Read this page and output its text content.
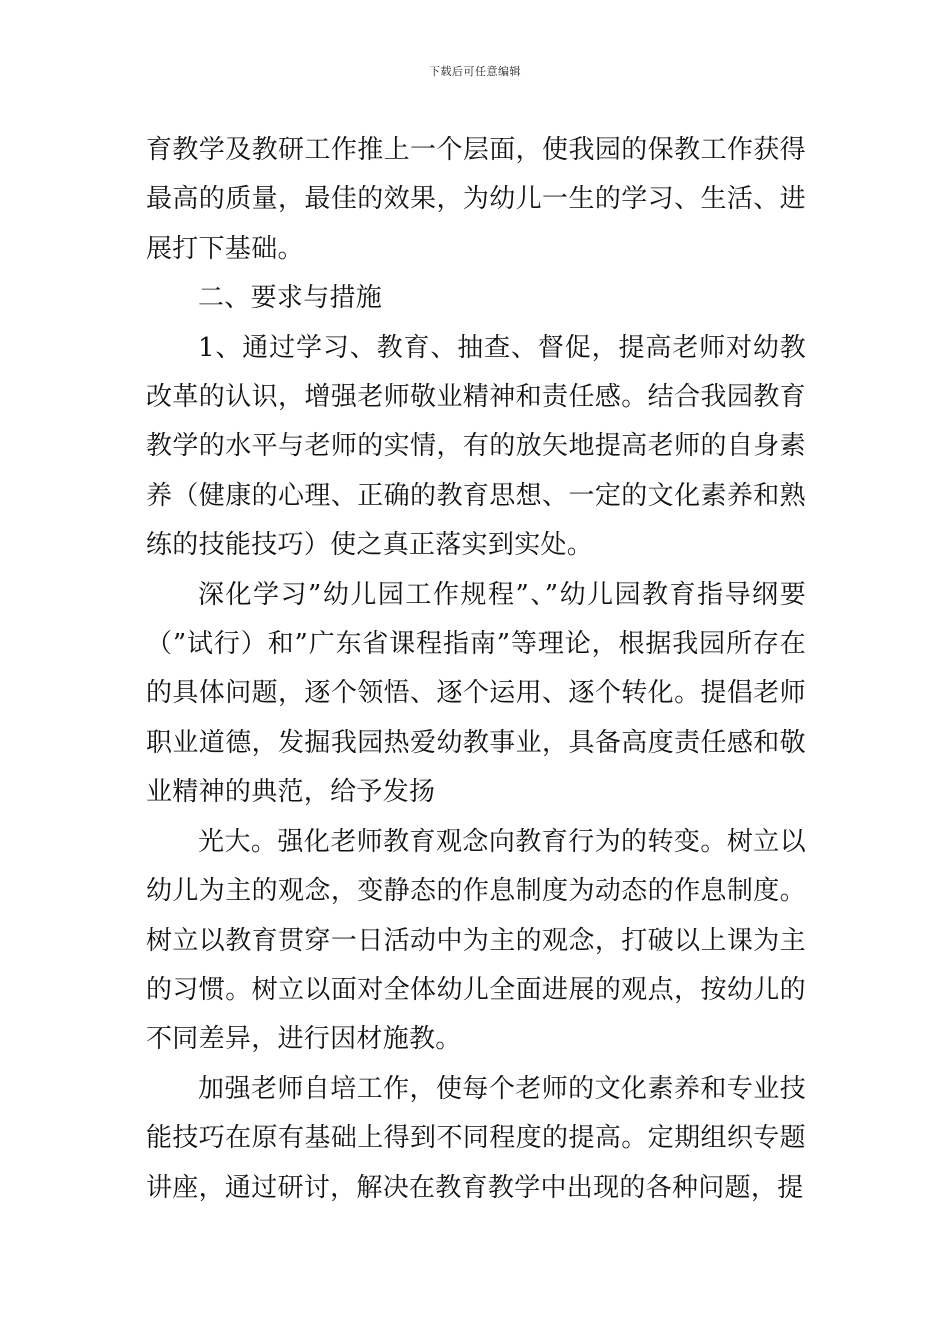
下载后可任意编辑

育教学及教研工作推上一个层面，使我园的保教工作获得最高的质量，最佳的效果，为幼儿一生的学习、生活、进展打下基础。

二、要求与措施

1、通过学习、教育、抽查、督促，提高老师对幼教改革的认识，增强老师敬业精神和责任感。结合我园教育教学的水平与老师的实情，有的放矢地提高老师的自身素养（健康的心理、正确的教育思想、一定的文化素养和熟练的技能技巧）使之真正落实到实处。

深化学习”幼儿园工作规程”、”幼儿园教育指导纲要（”试行）和”广东省课程指南”等理论，根据我园所存在的具体问题，逐个领悟、逐个运用、逐个转化。提倡老师职业道德，发掘我园热爱幼教事业，具备高度责任感和敬业精神的典范，给予发扬

光大。强化老师教育观念向教育行为的转变。树立以幼儿为主的观念，变静态的作息制度为动态的作息制度。树立以教育贯穿一日活动中为主的观念，打破以上课为主的习惯。树立以面对全体幼儿全面进展的观点，按幼儿的不同差异，进行因材施教。

加强老师自培工作，使每个老师的文化素养和专业技能技巧在原有基础上得到不同程度的提高。定期组织专题讲座，通过研讨，解决在教育教学中出现的各种问题，提
